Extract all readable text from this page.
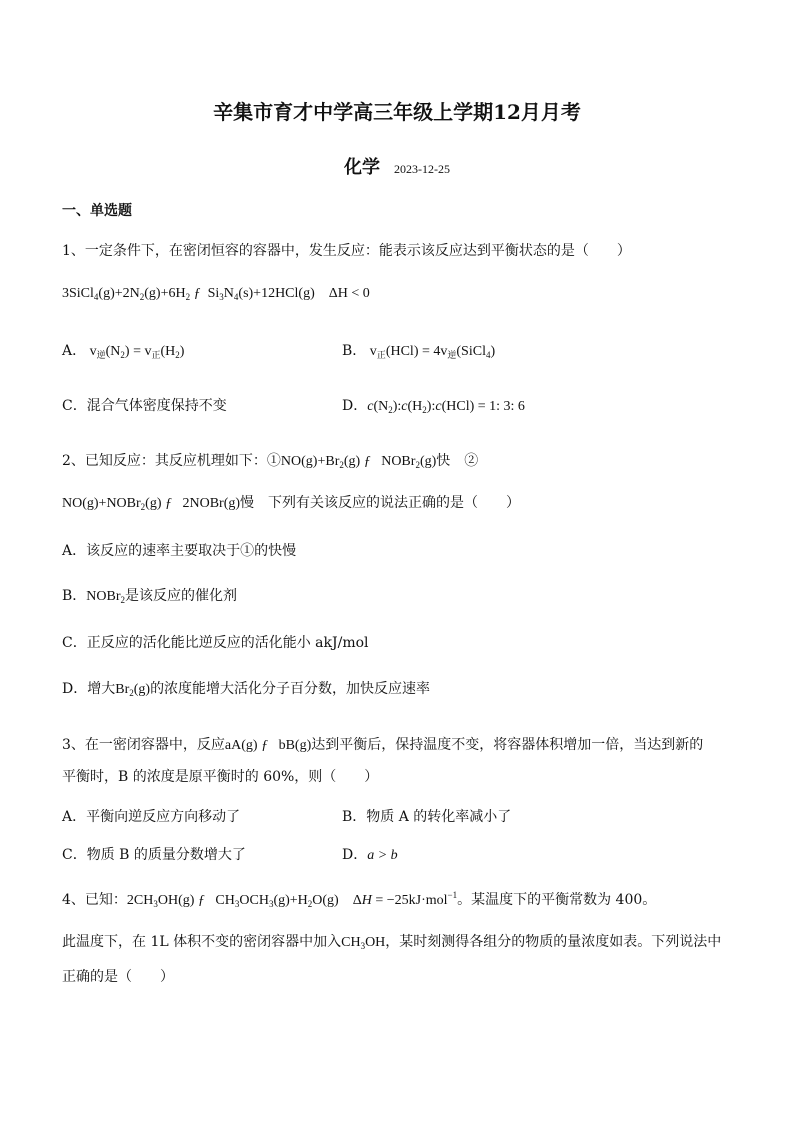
辛集市育才中学高三年级上学期12月月考
化学 2023-12-25
一、单选题
1、一定条件下，在密闭恒容的容器中，发生反应：能表示该反应达到平衡状态的是（　　）
$3SiCl_4(g)+2N_2(g)+6H_2$ ƒ  $Si_3N_4(s)+12HCl(g)$    ΔH < 0
A． $v_逆(N_2) = v_正(H_2)$	B． $v_正(HCl)$ = $4v_逆(SiCl_4)$
C．混合气体密度保持不变	D．$c(N_2):c(H_2):c(HCl) = 1$: 3: 6
2、已知反应：其反应机理如下：$①NO(g)+Br_2(g)$ ƒ   NOBr$_2$(g)快　②
NO(g)+NOBr$_2$(g) ƒ   2NOBr(g)慢　下列有关该反应的说法正确的是（　　）
A．该反应的速率主要取决于①的快慢
B．NOBr$_2$是该反应的催化剂
C．正反应的活化能比逆反应的活化能小 akJ/mol
D．增大$Br_2(g)$的浓度能增大活化分子百分数，加快反应速率
3、在一密闭容器中，反应aA(g) ƒ   bB(g)达到平衡后，保持温度不变，将容器体积增加一倍，当达到新的
平衡时，B 的浓度是原平衡时的 60%，则（　　）
A．平衡向逆反应方向移动了	B．物质 A 的转化率减小了
C．物质 B 的质量分数增大了	D．a > b
4、已知：$2CH_3OH(g)$ ƒ   $CH_3OCH_3(g)+H_2O(g)$    ΔH = −25kJ·mol$^{-1}$。某温度下的平衡常数为 400。
此温度下，在 1L 体积不变的密闭容器中加入$CH_3OH$，某时刻测得各组分的物质的量浓度如表。下列说法中
正确的是（　　）
